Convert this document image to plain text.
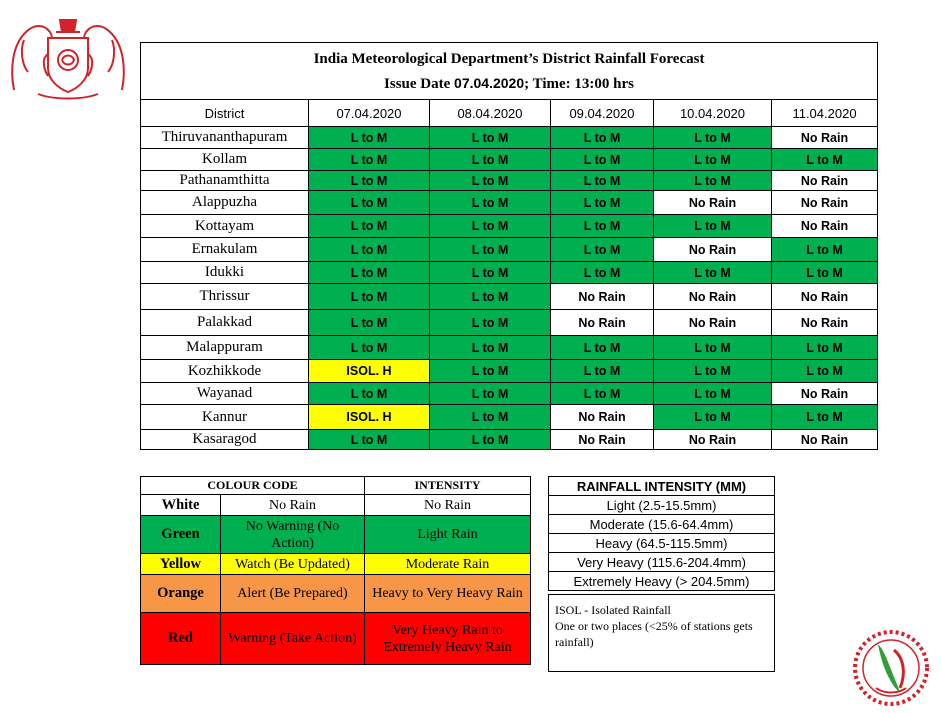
India Meteorological Department’s District Rainfall Forecast
Issue Date 07.04.2020; Time: 13:00 hrs					

District	07.04.2020	08.04.2020	09.04.2020	10.04.2020	11.04.2020
Thiruvananthapuram	L to M	L to M	L to M	L to M	No Rain
Kollam	L to M	L to M	L to M	L to M	L to M
Pathanamthitta	L to M	L to M	L to M	L to M	No Rain
Alappuzha	L to M	L to M	L to M	No Rain	No Rain
Kottayam	L to M	L to M	L to M	L to M	No Rain
Ernakulam	L to M	L to M	L to M	No Rain	L to M
Idukki	L to M	L to M	L to M	L to M	L to M
Thrissur	L to M	L to M	No Rain	No Rain	No Rain
Palakkad	L to M	L to M	No Rain	No Rain	No Rain
Malappuram	L to M	L to M	L to M	L to M	L to M
Kozhikkode	ISOL. H	L to M	L to M	L to M	L to M
Wayanad	L to M	L to M	L to M	L to M	No Rain
Kannur	ISOL. H	L to M	No Rain	L to M	L to M
Kasaragod	L to M	L to M	No Rain	No Rain	No Rain
COLOUR CODE		INTENSITY
White	No Rain	No Rain
Green	No Warning (No Action)	Light Rain
Yellow	Watch (Be Updated)	Moderate Rain
Orange	Alert (Be Prepared)	Heavy to Very Heavy Rain
Red	Warning (Take Action)	Very Heavy Rain to Extremely Heavy Rain
RAINFALL INTENSITY (MM)
Light (2.5-15.5mm)
Moderate (15.6-64.4mm)
Heavy (64.5-115.5mm)
Very Heavy (115.6-204.4mm)
Extremely Heavy (> 204.5mm)
ISOL - Isolated Rainfall
One or two places (<25% of stations gets rainfall)
